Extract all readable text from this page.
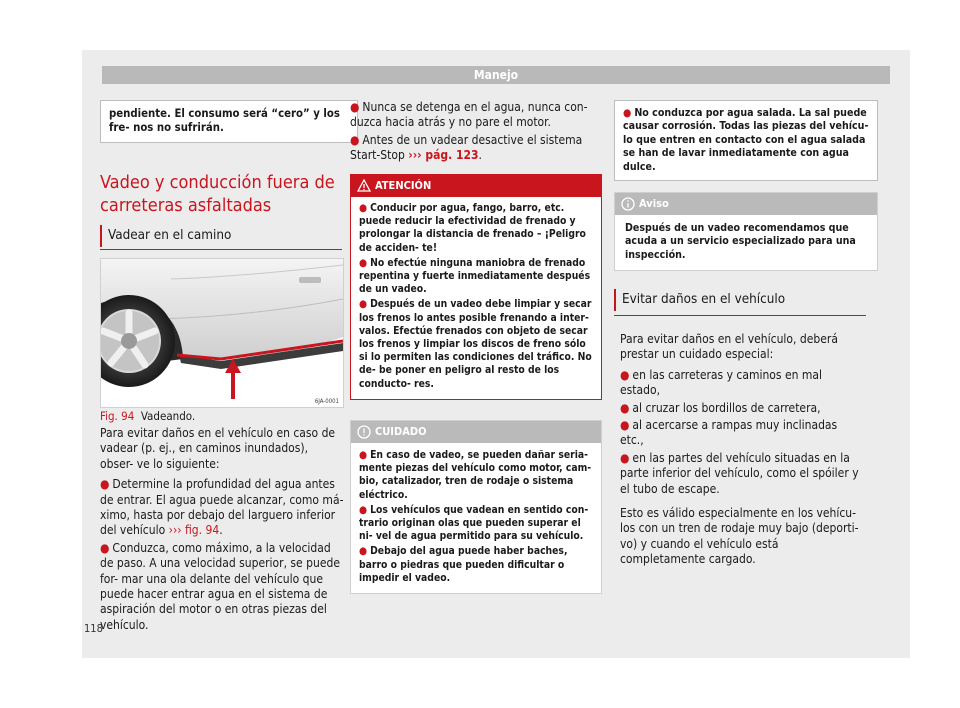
Manejo
pendiente. El consumo será “cero” y los fre- nos no sufrirán.
Vadeo y conducción fuera de carreteras asfaltadas
Vadear en el camino
6JA-0001
Fig. 94 Vadeando.

Para evitar daños en el vehículo en caso de vadear (p. ej., en caminos inundados), obser- ve lo siguiente:

● Determine la profundidad del agua antes de entrar. El agua puede alcanzar, como má- ximo, hasta por debajo del larguero inferior del vehículo ››› fig. 94.

● Conduzca, como máximo, a la velocidad de paso. A una velocidad superior, se puede for- mar una ola delante del vehículo que puede hacer entrar agua en el sistema de aspiración del motor o en otras piezas del vehículo.

118

● Nunca se detenga en el agua, nunca con- duzca hacia atrás y no pare el motor.

● Antes de un vadear desactive el sistema Start-Stop ››› pág. 123.

ATENCIÓN

● Conducir por agua, fango, barro, etc. puede reducir la efectividad de frenado y prolongar la distancia de frenado – ¡Peligro de acciden- te!

● No efectúe ninguna maniobra de frenado repentina y fuerte inmediatamente después de un vadeo.

● Después de un vadeo debe limpiar y secar los frenos lo antes posible frenando a inter- valos. Efectúe frenados con objeto de secar los frenos y limpiar los discos de freno sólo si lo permiten las condiciones del tráfico. No de- be poner en peligro al resto de los conducto- res.

CUIDADO

● En caso de vadeo, se pueden dañar seria- mente piezas del vehículo como motor, cam- bio, catalizador, tren de rodaje o sistema eléctrico.

● Los vehículos que vadean en sentido con- trario originan olas que pueden superar el ni- vel de agua permitido para su vehículo.

● Debajo del agua puede haber baches, barro o piedras que pueden dificultar o impedir el vadeo.

● No conduzca por agua salada. La sal puede causar corrosión. Todas las piezas del vehícu- lo que entren en contacto con el agua salada se han de lavar inmediatamente con agua dulce.
Aviso
Después de un vadeo recomendamos que acuda a un servicio especializado para una inspección.
Evitar daños en el vehículo

Para evitar daños en el vehículo, deberá prestar un cuidado especial:

● en las carreteras y caminos en mal estado,

● al cruzar los bordillos de carretera,

● al acercarse a rampas muy inclinadas etc.,

● en las partes del vehículo situadas en la parte inferior del vehículo, como el spóiler y el tubo de escape.

Esto es válido especialmente en los vehícu- los con un tren de rodaje muy bajo (deporti- vo) y cuando el vehículo está completamente cargado.
